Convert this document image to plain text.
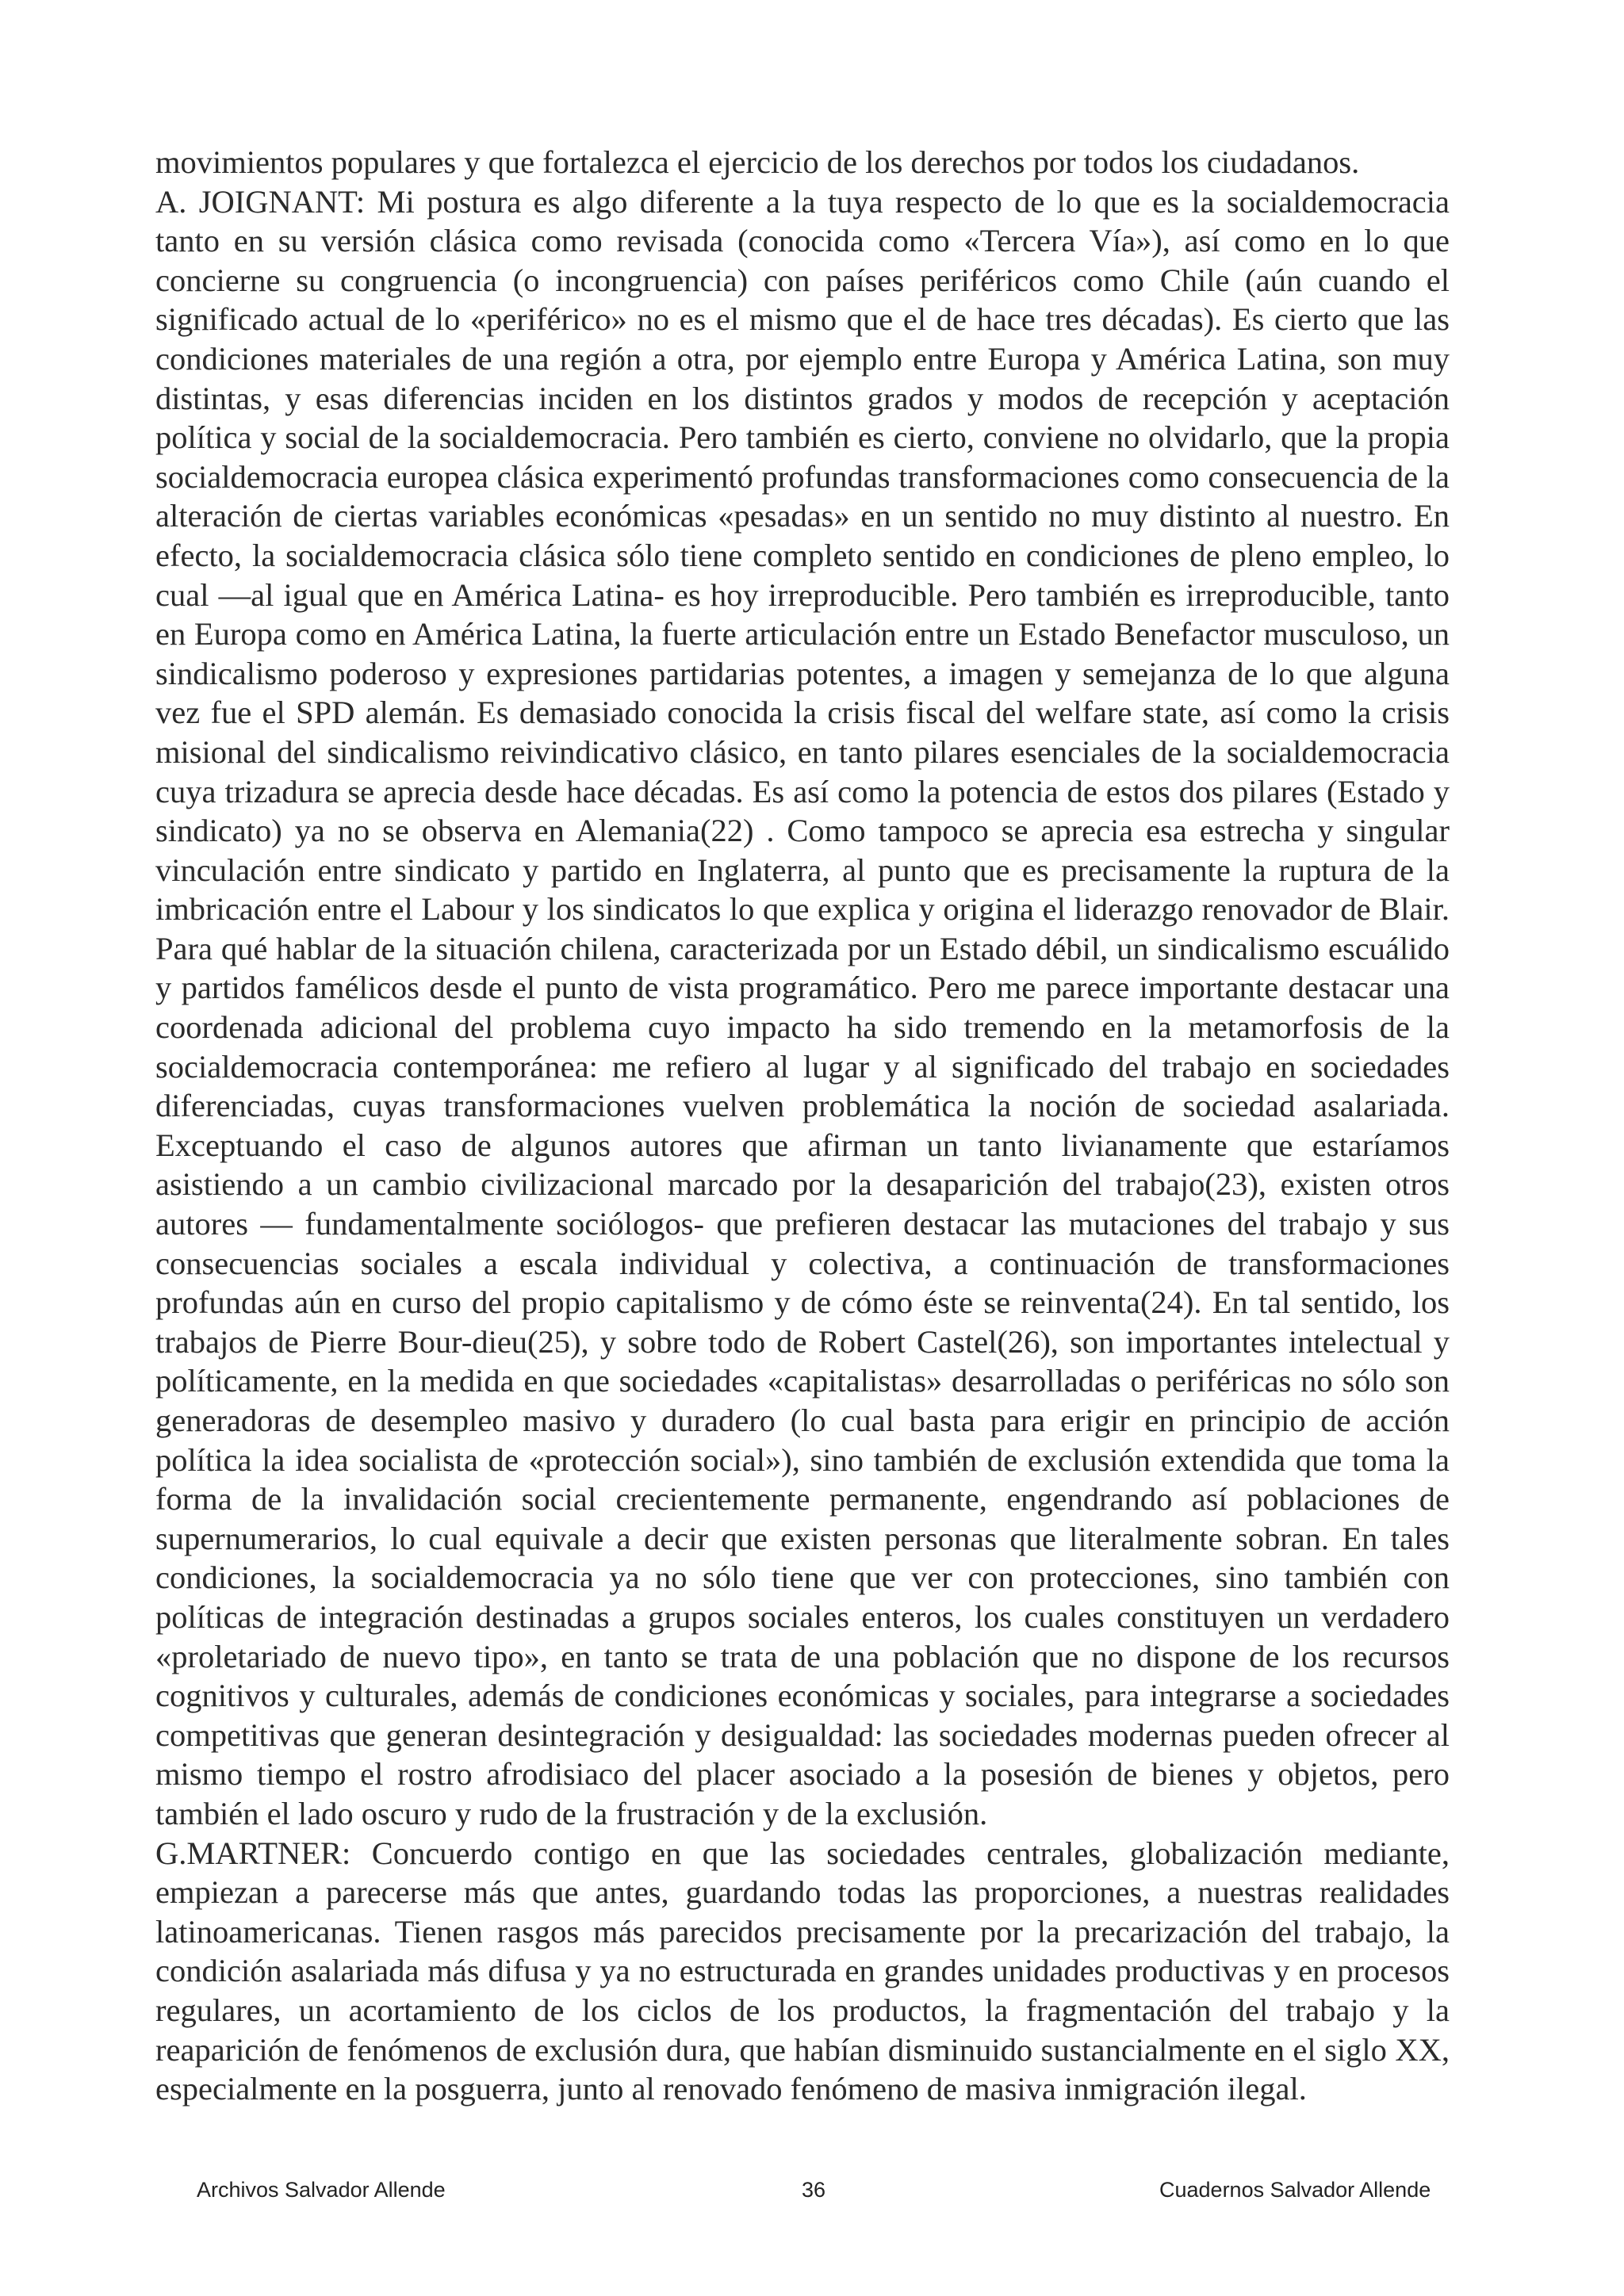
movimientos populares y que fortalezca el ejercicio de los derechos por todos los ciudadanos.

A. JOIGNANT: Mi postura es algo diferente a la tuya respecto de lo que es la socialdemocracia tanto en su versión clásica como revisada (conocida como «Tercera Vía»), así como en lo que concierne su congruencia (o incongruencia) con países periféricos como Chile (aún cuando el significado actual de lo «periférico» no es el mismo que el de hace tres décadas). Es cierto que las condiciones materiales de una región a otra, por ejemplo entre Europa y América Latina, son muy distintas, y esas diferencias inciden en los distintos grados y modos de recepción y aceptación política y social de la socialdemocracia. Pero también es cierto, conviene no olvidarlo, que la propia socialdemocracia europea clásica experimentó profundas transformaciones como consecuencia de la alteración de ciertas variables económicas «pesadas» en un sentido no muy distinto al nuestro. En efecto, la socialdemocracia clásica sólo tiene completo sentido en condiciones de pleno empleo, lo cual —al igual que en América Latina- es hoy irreproducible. Pero también es irreproducible, tanto en Europa como en América Latina, la fuerte articulación entre un Estado Benefactor musculoso, un sindicalismo poderoso y expresiones partidarias potentes, a imagen y semejanza de lo que alguna vez fue el SPD alemán. Es demasiado conocida la crisis fiscal del welfare state, así como la crisis misional del sindicalismo reivindicativo clásico, en tanto pilares esenciales de la socialdemocracia cuya trizadura se aprecia desde hace décadas. Es así como la potencia de estos dos pilares (Estado y sindicato) ya no se observa en Alemania(22) . Como tampoco se aprecia esa estrecha y singular vinculación entre sindicato y partido en Inglaterra, al punto que es precisamente la ruptura de la imbricación entre el Labour y los sindicatos lo que explica y origina el liderazgo renovador de Blair. Para qué hablar de la situación chilena, caracterizada por un Estado débil, un sindicalismo escuálido y partidos famélicos desde el punto de vista programático. Pero me parece importante destacar una coordenada adicional del problema cuyo impacto ha sido tremendo en la metamorfosis de la socialdemocracia contemporánea: me refiero al lugar y al significado del trabajo en sociedades diferenciadas, cuyas transformaciones vuelven problemática la noción de sociedad asalariada. Exceptuando el caso de algunos autores que afirman un tanto livianamente que estaríamos asistiendo a un cambio civilizacional marcado por la desaparición del trabajo(23), existen otros autores — fundamentalmente sociólogos- que prefieren destacar las mutaciones del trabajo y sus consecuencias sociales a escala individual y colectiva, a continuación de transformaciones profundas aún en curso del propio capitalismo y de cómo éste se reinventa(24). En tal sentido, los trabajos de Pierre Bour-dieu(25), y sobre todo de Robert Castel(26), son importantes intelectual y políticamente, en la medida en que sociedades «capitalistas» desarrolladas o periféricas no sólo son generadoras de desempleo masivo y duradero (lo cual basta para erigir en principio de acción política la idea socialista de «protección social»), sino también de exclusión extendida que toma la forma de la invalidación social crecientemente permanente, engendrando así poblaciones de supernumerarios, lo cual equivale a decir que existen personas que literalmente sobran. En tales condiciones, la socialdemocracia ya no sólo tiene que ver con protecciones, sino también con políticas de integración destinadas a grupos sociales enteros, los cuales constituyen un verdadero «proletariado de nuevo tipo», en tanto se trata de una población que no dispone de los recursos cognitivos y culturales, además de condiciones económicas y sociales, para integrarse a sociedades competitivas que generan desintegración y desigualdad: las sociedades modernas pueden ofrecer al mismo tiempo el rostro afrodisiaco del placer asociado a la posesión de bienes y objetos, pero también el lado oscuro y rudo de la frustración y de la exclusión.

G.MARTNER: Concuerdo contigo en que las sociedades centrales, globalización mediante, empiezan a parecerse más que antes, guardando todas las proporciones, a nuestras realidades latinoamericanas. Tienen rasgos más parecidos precisamente por la precarización del trabajo, la condición asalariada más difusa y ya no estructurada en grandes unidades productivas y en procesos regulares, un acortamiento de los ciclos de los productos, la fragmentación del trabajo y la reaparición de fenómenos de exclusión dura, que habían disminuido sustancialmente en el siglo XX, especialmente en la posguerra, junto al renovado fenómeno de masiva inmigración ilegal.

Archivos Salvador Allende	36	Cuadernos Salvador Allende
